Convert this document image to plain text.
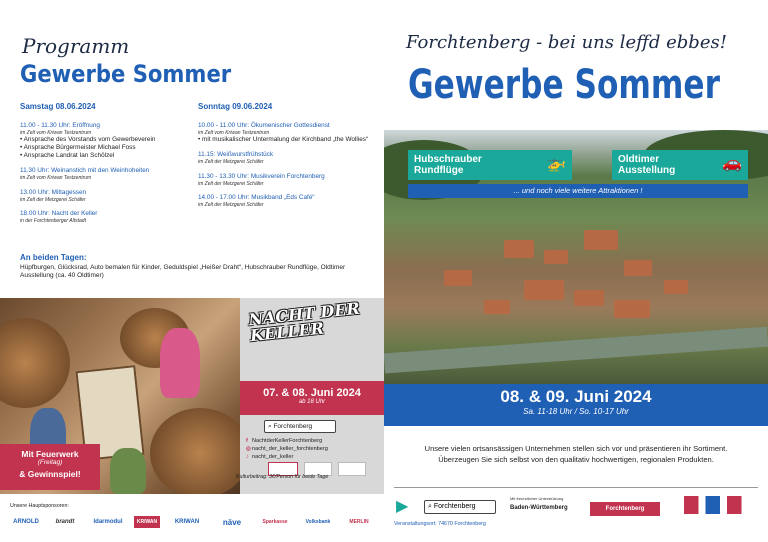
Programm
Gewerbe Sommer
Samstag 08.06.2024
11.00 - 11.30 Uhr: Eröffnung
im Zelt vom Kriwan Testzentrum
• Ansprache des Vorstands vom Gewerbeverein
• Ansprache Bürgermeister Michael Foss
• Ansprache Landrat Ian Schölzel
11.30 Uhr: Weinanstich mit den Weinhoheiten
im Zelt vom Kriwan Testzentrum
13.00 Uhr: Mittagessen
im Zelt der Metzgerei Schäfer
18.00 Uhr: Nacht der Keller
in der Forchtenberger Altstadt
Sonntag 09.06.2024
10.00 - 11.00 Uhr: Ökumenischer Gottesdienst
im Zelt vom Kriwan Testzentrum
• mit musikalischer Untermalung der Kirchband „the Wollies“
11.15: Weißwurstfrühstück
im Zelt der Metzgerei Schäfer
11.30 - 13.30 Uhr: Musikverein Forchtenberg
im Zelt der Metzgerei Schäfer
14.00 - 17.00 Uhr: Musikband „Eds Café“
im Zelt der Metzgerei Schäfer
An beiden Tagen:
Hüpfburgen, Glücksrad, Auto bemalen für Kinder, Geduldspiel „Heißer Draht“, Hubschrauber Rundflüge, Oldtimer Ausstellung (ca. 40 Oldtimer)
Mit Feuerwerk
(Freitag)
& Gewinnspiel!
NACHT DER KELLER
07. & 08. Juni 2024
ab 18 Uhr
⌕ Forchtenberg
f NachtderKellerForchtenberg
◎nacht_der_keller_forchtenberg
♪ nacht_der_keller
Kulturbeitrag: 3€/Person für beide Tage
Unsere Hauptsponsoren:
ARNOLD	brandt	Idarmodul	KRIWAN	KRIWAN	näve	Sparkasse	Volksbank	MERLIN
Forchtenberg - bei uns leffd ebbes!
Gewerbe Sommer
Hubschrauber Rundflüge	🚁	Oldtimer Ausstellung	🚗
... und noch viele weitere Attraktionen !
08. & 09. Juni 2024
Sa. 11-18 Uhr / So. 10-17 Uhr
Unsere vielen ortsansässigen Unternehmen stellen sich vor und präsentieren ihr Sortiment.
Überzeugen Sie sich selbst von den qualitativ hochwertigen, regionalen Produkten.
▶	⌕ Forchtenberg
Mit freundlicher Unterstützung
Baden-Württemberg	Forchtenberg
Veranstaltungsort: 74670 Forchtenberg
